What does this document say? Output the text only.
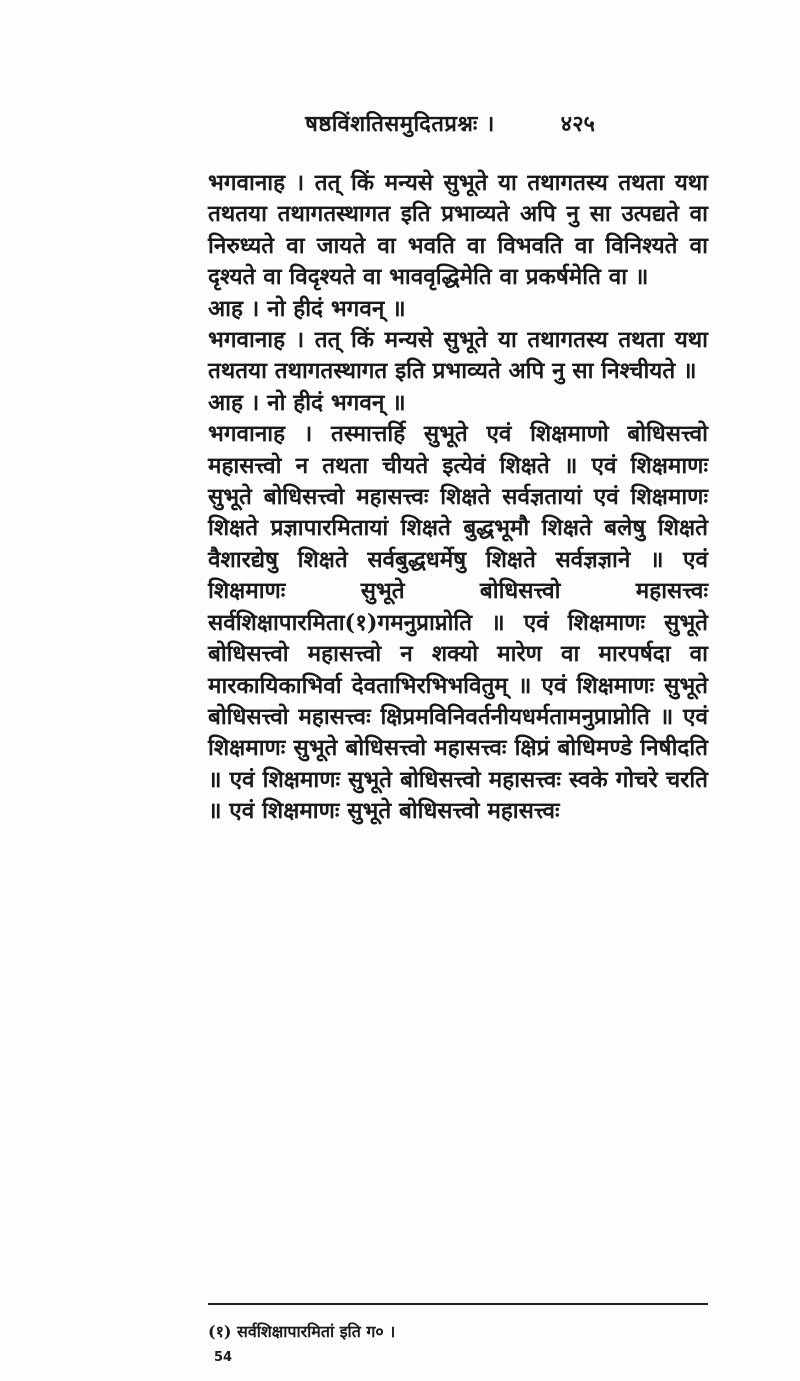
षष्ठविंशतिसमुदितप्रश्नः ।	४२५

भगवानाह । तत् किं मन्यसे सुभूते या तथागतस्य तथता यथा तथतया तथागतस्थागत इति प्रभाव्यते अपि नु सा उत्पद्यते वा निरुध्यते वा जायते वा भवति वा विभवति वा विनिश्यते वा दृश्यते वा विदृश्यते वा भाववृद्धिमेति वा प्रकर्षमेति वा ॥

आह । नो हीदं भगवन् ॥

भगवानाह । तत् किं मन्यसे सुभूते या तथागतस्य तथता यथा तथतया तथागतस्थागत इति प्रभाव्यते अपि नु सा निश्चीयते ॥

आह । नो हीदं भगवन् ॥

भगवानाह । तस्मात्तर्हि सुभूते एवं शिक्षमाणो बोधिसत्त्वो महासत्त्वो न तथता चीयते इत्येवं शिक्षते ॥ एवं शिक्षमाणः सुभूते बोधिसत्त्वो महासत्त्वः शिक्षते सर्वज्ञतायां एवं शिक्षमाणः शिक्षते प्रज्ञापारमितायां शिक्षते बुद्धभूमौ शिक्षते बलेषु शिक्षते वैशारद्येषु शिक्षते सर्वबुद्धधर्मेषु शिक्षते सर्वज्ञज्ञाने ॥ एवं शिक्षमाणः सुभूते बोधिसत्त्वो महासत्त्वः सर्वशिक्षापारमिता(१)गमनुप्राप्नोति ॥ एवं शिक्षमाणः सुभूते बोधिसत्त्वो महासत्त्वो न शक्यो मारेण वा मारपर्षदा वा मारकायिकाभिर्वा देवताभिरभिभवितुम् ॥ एवं शिक्षमाणः सुभूते बोधिसत्त्वो महासत्त्वः क्षिप्रमविनिवर्तनीयधर्मतामनुप्राप्नोति ॥ एवं शिक्षमाणः सुभूते बोधिसत्त्वो महासत्त्वः क्षिप्रं बोधिमण्डे निषीदति ॥ एवं शिक्षमाणः सुभूते बोधिसत्त्वो महासत्त्वः स्वके गोचरे चरति ॥ एवं शिक्षमाणः सुभूते बोधिसत्त्वो महासत्त्वः

(१) सर्वशिक्षापारमितां इति ग० ।
54
